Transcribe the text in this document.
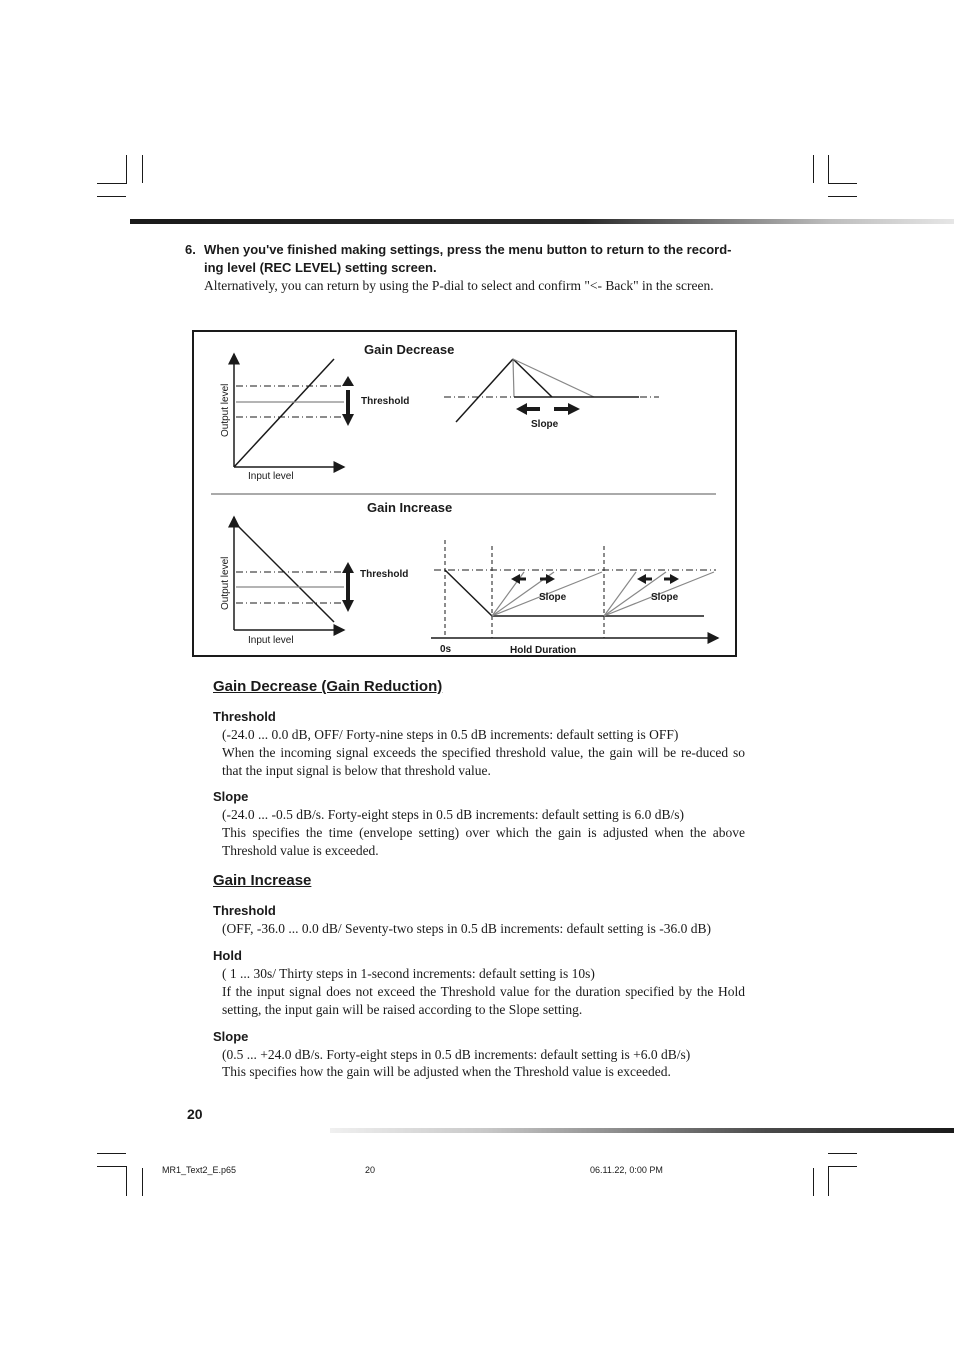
6. When you've finished making settings, press the menu button to return to the record-ing level (REC LEVEL) setting screen.
Alternatively, you can return by using the P-dial to select and confirm "<- Back" in the screen.
Gain Decrease
Output level
Input level
Threshold
Slope
Gain Increase
Output level
Input level
Threshold
Slope	Slope
0s	Hold Duration
Gain Decrease (Gain Reduction)
Threshold
(-24.0 ... 0.0 dB, OFF/ Forty-nine steps in 0.5 dB increments: default setting is OFF)
When the incoming signal exceeds the specified threshold value, the gain will be re-duced so that the input signal is below that threshold value.
Slope
(-24.0 ... -0.5 dB/s. Forty-eight steps in 0.5 dB increments: default setting is 6.0 dB/s)
This specifies the time (envelope setting) over which the gain is adjusted when the above Threshold value is exceeded.
Gain Increase
Threshold
(OFF, -36.0 ... 0.0 dB/ Seventy-two steps in 0.5 dB increments: default setting is -36.0 dB)
Hold
( 1 ... 30s/ Thirty steps in 1-second increments: default setting is 10s)
If the input signal does not exceed the Threshold value for the duration specified by the Hold setting, the input gain will be raised according to the Slope setting.
Slope
(0.5 ... +24.0 dB/s. Forty-eight steps in 0.5 dB increments: default setting is +6.0 dB/s)
This specifies how the gain will be adjusted when the Threshold value is exceeded.
20
MR1_Text2_E.p65	20	06.11.22, 0:00 PM
